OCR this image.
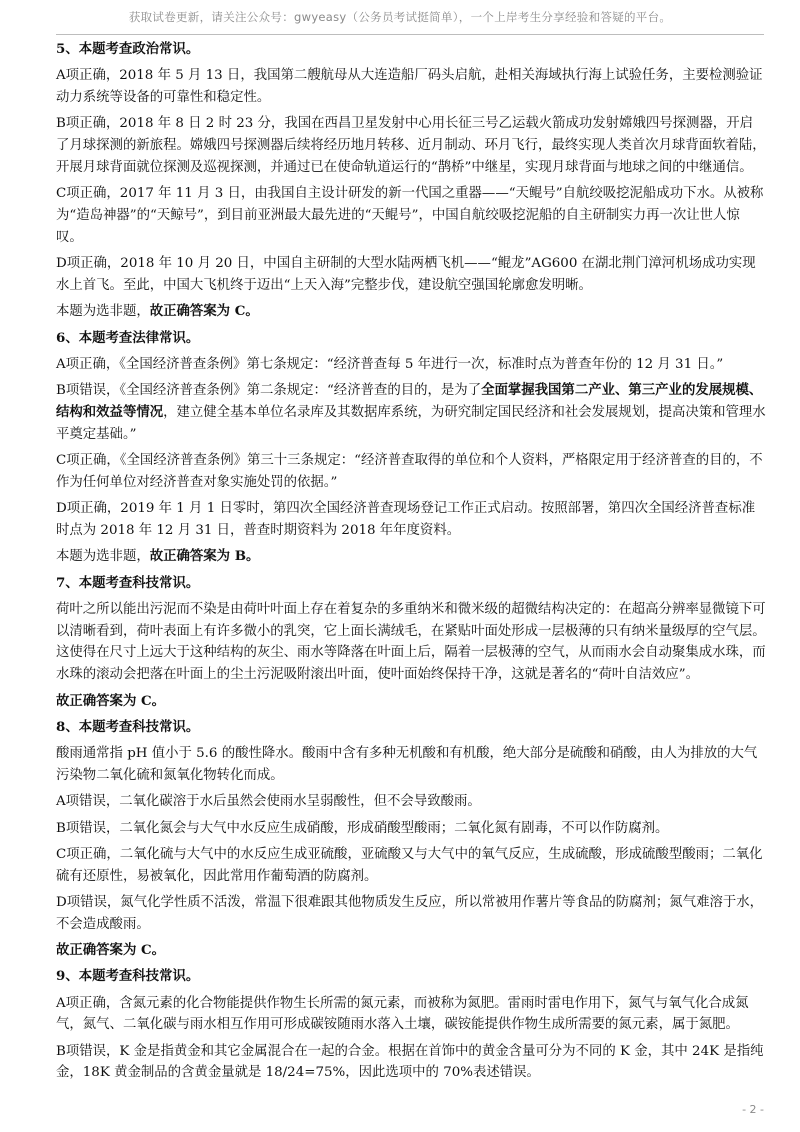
获取试卷更新，请关注公众号：gwyeasy（公务员考试挺简单），一个上岸考生分享经验和答疑的平台。

5、本题考查政治常识。

A项正确，2018 年 5 月 13 日，我国第二艘航母从大连造船厂码头启航，赴相关海域执行海上试验任务，主要检测验证动力系统等设备的可靠性和稳定性。

B项正确，2018 年 8 日 2 时 23 分，我国在西昌卫星发射中心用长征三号乙运载火箭成功发射嫦娥四号探测器，开启了月球探测的新旅程。嫦娥四号探测器后续将经历地月转移、近月制动、环月飞行，最终实现人类首次月球背面软着陆，开展月球背面就位探测及巡视探测，并通过已在使命轨道运行的“鹊桥”中继星，实现月球背面与地球之间的中继通信。

C项正确，2017 年 11 月 3 日，由我国自主设计研发的新一代国之重器——“天鲲号”自航绞吸挖泥船成功下水。从被称为“造岛神器”的“天鲸号”，到目前亚洲最大最先进的“天鲲号”，中国自航绞吸挖泥船的自主研制实力再一次让世人惊叹。

D项正确，2018 年 10 月 20 日，中国自主研制的大型水陆两栖飞机——“鲲龙”AG600 在湖北荆门漳河机场成功实现水上首飞。至此，中国大飞机终于迈出“上天入海”完整步伐，建设航空强国轮廓愈发明晰。

本题为选非题，故正确答案为 C。

6、本题考查法律常识。

A项正确，《全国经济普查条例》第七条规定：“经济普查每 5 年进行一次，标准时点为普查年份的 12 月 31 日。”

B项错误，《全国经济普查条例》第二条规定：“经济普查的目的，是为了全面掌握我国第二产业、第三产业的发展规模、结构和效益等情况，建立健全基本单位名录库及其数据库系统，为研究制定国民经济和社会发展规划，提高决策和管理水平奠定基础。”

C项正确，《全国经济普查条例》第三十三条规定：“经济普查取得的单位和个人资料，严格限定用于经济普查的目的，不作为任何单位对经济普查对象实施处罚的依据。”

D项正确，2019 年 1 月 1 日零时，第四次全国经济普查现场登记工作正式启动。按照部署，第四次全国经济普查标准时点为 2018 年 12 月 31 日，普查时期资料为 2018 年年度资料。

本题为选非题，故正确答案为 B。

7、本题考查科技常识。

荷叶之所以能出污泥而不染是由荷叶叶面上存在着复杂的多重纳米和微米级的超微结构决定的：在超高分辨率显微镜下可以清晰看到，荷叶表面上有许多微小的乳突，它上面长满绒毛，在紧贴叶面处形成一层极薄的只有纳米量级厚的空气层。这使得在尺寸上远大于这种结构的灰尘、雨水等降落在叶面上后，隔着一层极薄的空气，从而雨水会自动聚集成水珠，而水珠的滚动会把落在叶面上的尘土污泥吸附滚出叶面，使叶面始终保持干净，这就是著名的“荷叶自洁效应”。

故正确答案为 C。

8、本题考查科技常识。

酸雨通常指 pH 值小于 5.6 的酸性降水。酸雨中含有多种无机酸和有机酸，绝大部分是硫酸和硝酸，由人为排放的大气污染物二氧化硫和氮氧化物转化而成。

A项错误，二氧化碳溶于水后虽然会使雨水呈弱酸性，但不会导致酸雨。

B项错误，二氧化氮会与大气中水反应生成硝酸，形成硝酸型酸雨；二氧化氮有剧毒，不可以作防腐剂。

C项正确，二氧化硫与大气中的水反应生成亚硫酸，亚硫酸又与大气中的氧气反应，生成硫酸，形成硫酸型酸雨；二氧化硫有还原性，易被氧化，因此常用作葡萄酒的防腐剂。

D项错误，氮气化学性质不活泼，常温下很难跟其他物质发生反应，所以常被用作薯片等食品的防腐剂；氮气难溶于水，不会造成酸雨。

故正确答案为 C。

9、本题考查科技常识。

A项正确，含氮元素的化合物能提供作物生长所需的氮元素，而被称为氮肥。雷雨时雷电作用下，氮气与氧气化合成氮气，氮气、二氧化碳与雨水相互作用可形成碳铵随雨水落入土壤，碳铵能提供作物生成所需要的氮元素，属于氮肥。

B项错误，K 金是指黄金和其它金属混合在一起的合金。根据在首饰中的黄金含量可分为不同的 K 金，其中 24K 是指纯金，18K 黄金制品的含黄金量就是 18/24=75%，因此选项中的 70%表述错误。

- 2 -
